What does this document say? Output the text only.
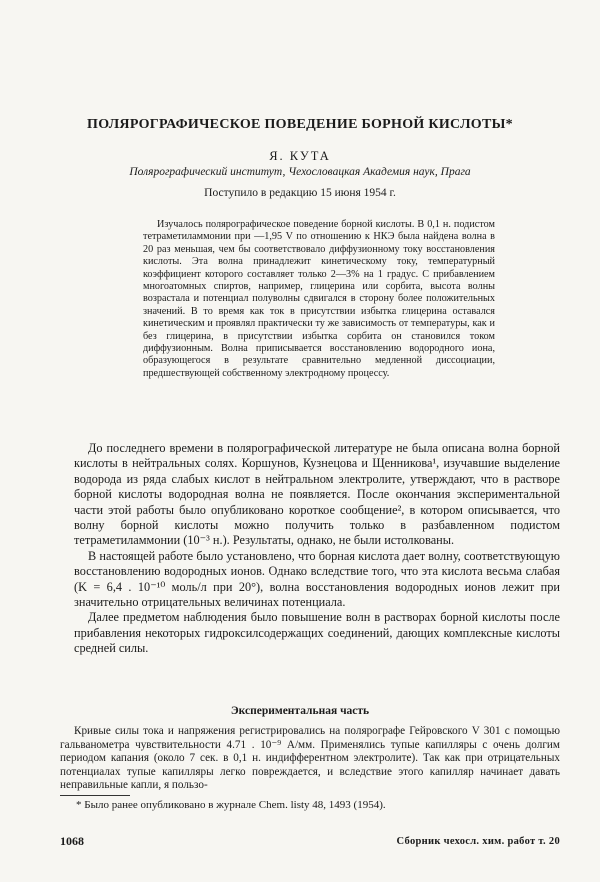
ПОЛЯРОГРАФИЧЕСКОЕ ПОВЕДЕНИЕ БОРНОЙ КИСЛОТЫ*
Я. КУТА
Полярографический институт, Чехословацкая Академия наук, Прага
Поступило в редакцию 15 июня 1954 г.

Изучалось полярографическое поведение борной кислоты. В 0,1 н. подистом тетраметиламмонии при —1,95 V по отношению к НКЭ была найдена волна в 20 раз меньшая, чем бы соответствовало диффузионному току восстановления кислоты. Эта волна принадлежит кинетическому току, температурный коэффициент которого составляет только 2—3% на 1 градус. С прибавлением многоатомных спиртов, например, глицерина или сорбита, высота волны возрастала и потенциал полуволны сдвигался в сторону более положительных значений. В то время как ток в присутствии избытка глицерина оставался кинетическим и проявлял практически ту же зависимость от температуры, как и без глицерина, в присутствии избытка сорбита он становился током диффузионным. Волна приписывается восстановлению водородного иона, образующегося в результате сравнительно медленной диссоциации, предшествующей собственному электродному процессу.

До последнего времени в полярографической литературе не была описана волна борной кислоты в нейтральных солях. Коршунов, Кузнецова и Щенникова¹, изучавшие выделение водорода из ряда слабых кислот в нейтральном электролите, утверждают, что в растворе борной кислоты водородная волна не появляется. После окончания экспериментальной части этой работы было опубликовано короткое сообщение², в котором описывается, что волну борной кислоты можно получить только в разбавленном подистом тетраметиламмонии (10⁻³ н.). Результаты, однако, не были истолкованы.

В настоящей работе было установлено, что борная кислота дает волну, соответствующую восстановлению водородных ионов. Однако вследствие того, что эта кислота весьма слабая (K = 6,4 . 10⁻¹⁰ моль/л при 20°), волна восстановления водородных ионов лежит при значительно отрицательных величинах потенциала.

Далее предметом наблюдения было повышение волн в растворах борной кислоты после прибавления некоторых гидроксилсодержащих соединений, дающих комплексные кислоты средней силы.

Экспериментальная часть

Кривые силы тока и напряжения регистрировались на полярографе Гейровского V 301 с помощью гальванометра чувствительности 4.71 . 10⁻⁹ А/мм. Применялись тупые капилляры с очень долгим периодом капания (около 7 сек. в 0,1 н. индифферентном электролите). Так как при отрицательных потенциалах тупые капилляры легко повреждается, и вследствие этого капилляр начинает давать неправильные капли, я пользо-

* Было ранее опубликовано в журнале Chem. listy 48, 1493 (1954).
1068	Сборник чехосл. хим. работ т. 20
